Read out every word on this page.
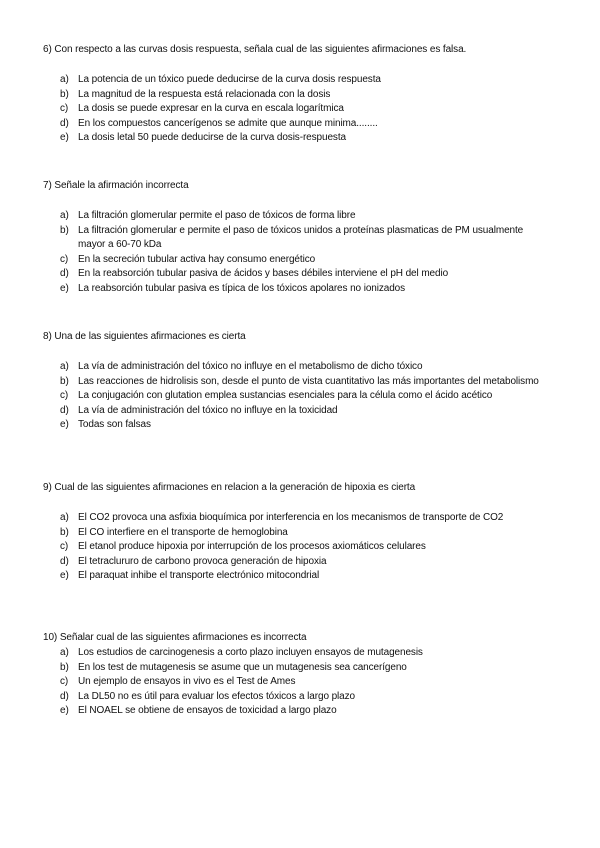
6) Con respecto a las curvas dosis respuesta, señala cual de las siguientes afirmaciones es falsa.

a) La potencia de un tóxico puede deducirse de la curva dosis respuesta
b) La magnitud de la respuesta está relacionada con la dosis
c) La dosis se puede expresar en la curva en escala logarítmica
d) En los compuestos cancerígenos se admite que aunque minima........
e) La dosis letal 50 puede deducirse de la curva dosis-respuesta

7) Señale la afirmación incorrecta

a) La filtración glomerular permite el paso de tóxicos de forma libre
b) La filtración glomerular e permite el paso de tóxicos unidos a proteínas plasmaticas de PM usualmente mayor a 60-70 kDa
c) En la secreción tubular activa hay consumo energético
d) En la reabsorción tubular pasiva de ácidos y bases débiles interviene el pH del medio
e) La reabsorción tubular pasiva es típica de los tóxicos apolares no ionizados

8) Una de las siguientes afirmaciones es cierta

a) La vía de administración del tóxico no influye en el metabolismo de dicho tóxico
b) Las reacciones de hidrolisis son, desde el punto de vista cuantitativo las más importantes del metabolismo
c) La conjugación con glutation emplea sustancias esenciales para la célula como el ácido acético
d) La vía de administración del tóxico no influye en la toxicidad
e) Todas son falsas

9) Cual de las siguientes afirmaciones en relacion a la generación de hipoxia es cierta

a) El CO2 provoca una asfixia bioquímica por interferencia en los mecanismos de transporte de CO2
b) El CO interfiere en el transporte de hemoglobina
c) El etanol produce hipoxia por interrupción de los procesos axiomáticos celulares
d) El tetraclururo de carbono provoca generación de hipoxia
e) El paraquat inhibe el transporte electrónico mitocondrial

10) Señalar cual de las siguientes afirmaciones es incorrecta

a) Los estudios de carcinogenesis a corto plazo incluyen ensayos de mutagenesis
b) En los test de mutagenesis se asume que un mutagenesis sea cancerígeno
c) Un ejemplo de ensayos in vivo es el Test de Ames
d) La DL50 no es útil para evaluar los efectos tóxicos a largo plazo
e) El NOAEL se obtiene de ensayos de toxicidad a largo plazo
